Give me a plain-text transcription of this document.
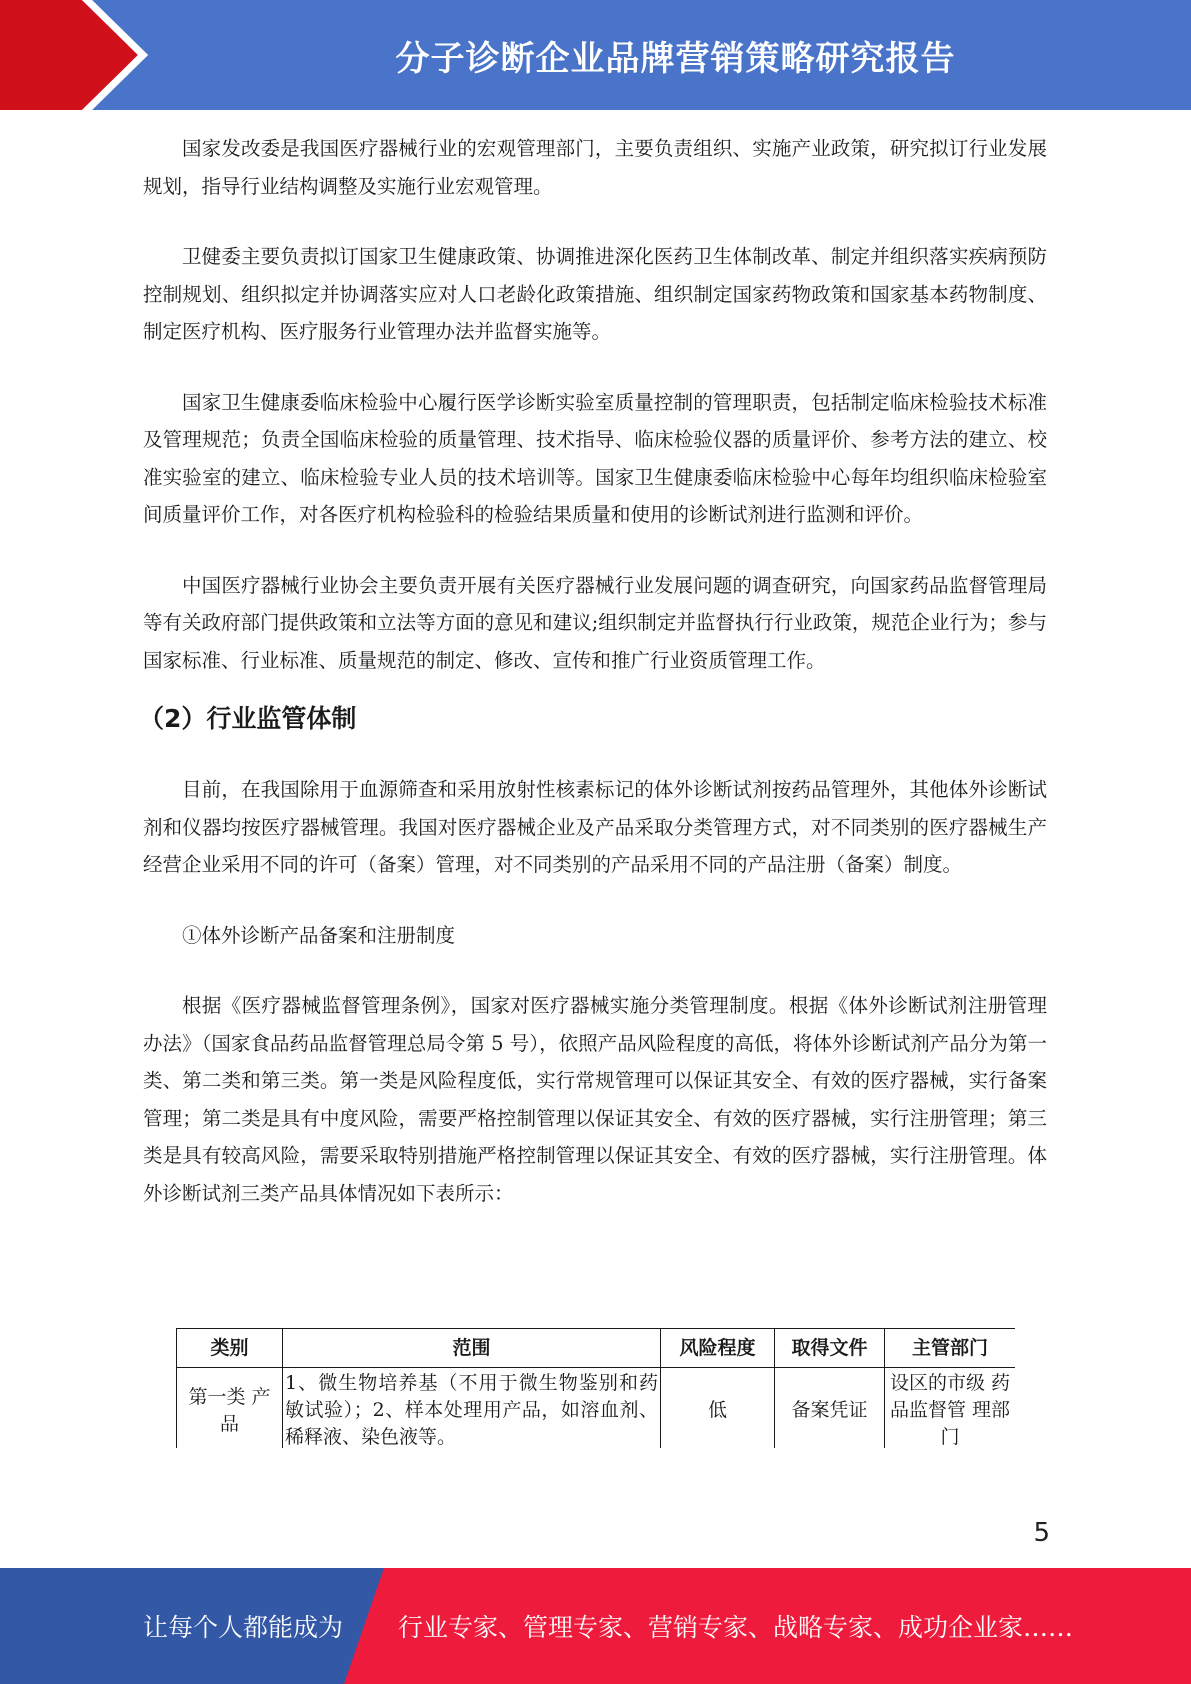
分子诊断企业品牌营销策略研究报告

国家发改委是我国医疗器械行业的宏观管理部门，主要负责组织、实施产业政策，研究拟订行业发展规划，指导行业结构调整及实施行业宏观管理。

卫健委主要负责拟订国家卫生健康政策、协调推进深化医药卫生体制改革、制定并组织落实疾病预防控制规划、组织拟定并协调落实应对人口老龄化政策措施、组织制定国家药物政策和国家基本药物制度、制定医疗机构、医疗服务行业管理办法并监督实施等。

国家卫生健康委临床检验中心履行医学诊断实验室质量控制的管理职责，包括制定临床检验技术标准及管理规范；负责全国临床检验的质量管理、技术指导、临床检验仪器的质量评价、参考方法的建立、校准实验室的建立、临床检验专业人员的技术培训等。国家卫生健康委临床检验中心每年均组织临床检验室间质量评价工作，对各医疗机构检验科的检验结果质量和使用的诊断试剂进行监测和评价。

中国医疗器械行业协会主要负责开展有关医疗器械行业发展问题的调查研究，向国家药品监督管理局等有关政府部门提供政策和立法等方面的意见和建议;组织制定并监督执行行业政策，规范企业行为；参与国家标准、行业标准、质量规范的制定、修改、宣传和推广行业资质管理工作。

（2）行业监管体制

目前，在我国除用于血源筛查和采用放射性核素标记的体外诊断试剂按药品管理外，其他体外诊断试剂和仪器均按医疗器械管理。我国对医疗器械企业及产品采取分类管理方式，对不同类别的医疗器械生产经营企业采用不同的许可（备案）管理，对不同类别的产品采用不同的产品注册（备案）制度。

①体外诊断产品备案和注册制度

根据《医疗器械监督管理条例》，国家对医疗器械实施分类管理制度。根据《体外诊断试剂注册管理办法》（国家食品药品监督管理总局令第 5 号），依照产品风险程度的高低，将体外诊断试剂产品分为第一类、第二类和第三类。第一类是风险程度低，实行常规管理可以保证其安全、有效的医疗器械，实行备案管理；第二类是具有中度风险，需要严格控制管理以保证其安全、有效的医疗器械，实行注册管理；第三类是具有较高风险，需要采取特别措施严格控制管理以保证其安全、有效的医疗器械，实行注册管理。体外诊断试剂三类产品具体情况如下表所示：

类别	范围	风险程度	取得文件	主管部门
第一类 产品	1、微生物培养基（不用于微生物鉴别和药敏试验）；2、样本处理用产品，如溶血剂、稀释液、染色液等。	低	备案凭证	设区的市级 药品监督管 理部门
5
让每个人都能成为 行业专家、管理专家、营销专家、战略专家、成功企业家……
